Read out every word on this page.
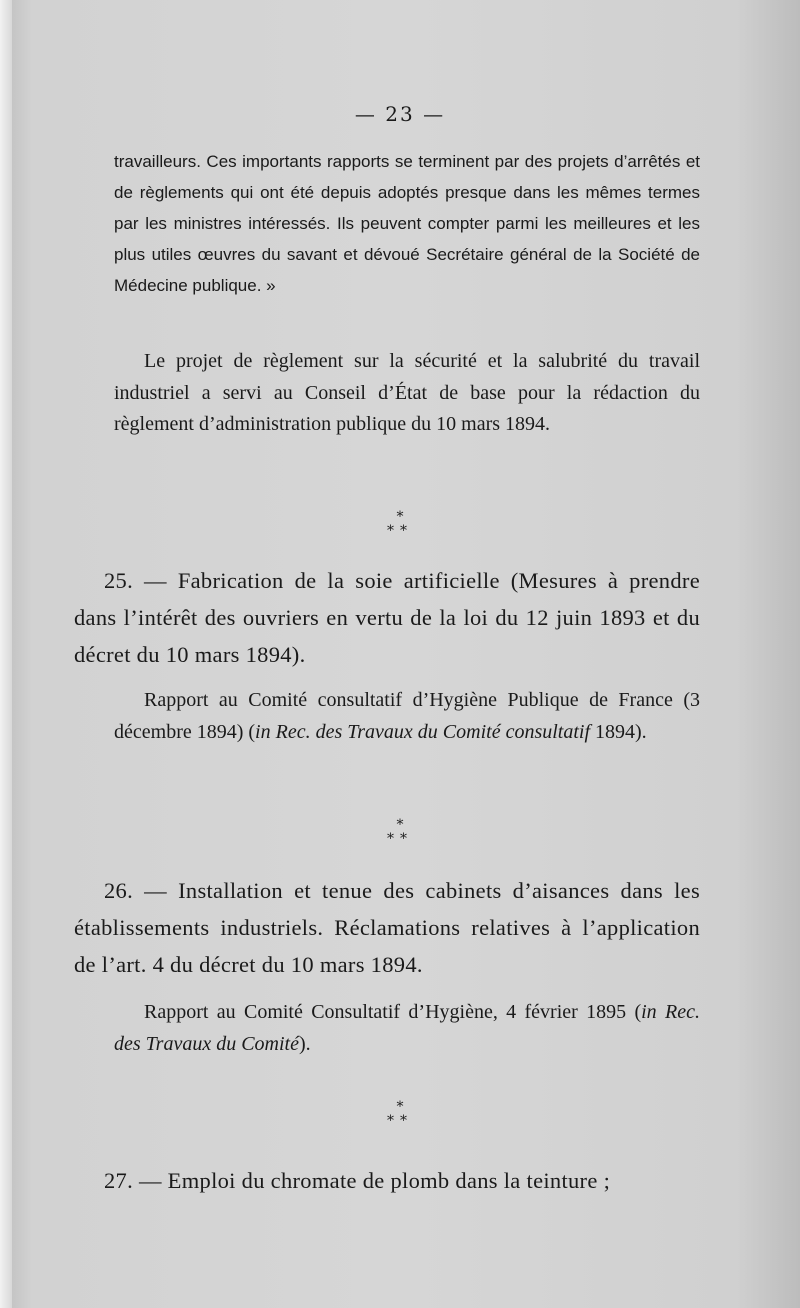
— 23 —

travailleurs. Ces importants rapports se terminent par des projets d’arrêtés et de règlements qui ont été depuis adoptés presque dans les mêmes termes par les ministres intéressés. Ils peuvent compter parmi les meilleures et les plus utiles œuvres du savant et dévoué Secrétaire général de la Société de Médecine publique. »

Le projet de règlement sur la sécurité et la salubrité du travail industriel a servi au Conseil d’État de base pour la rédaction du règlement d’administration publique du 10 mars 1894.

*
**

25. — Fabrication de la soie artificielle (Mesures à prendre dans l’intérêt des ouvriers en vertu de la loi du 12 juin 1893 et du décret du 10 mars 1894).

Rapport au Comité consultatif d’Hygiène Publique de France (3 décembre 1894) (in Rec. des Travaux du Comité consultatif 1894).

*
**

26. — Installation et tenue des cabinets d’aisances dans les établissements industriels. Réclamations relatives à l’application de l’art. 4 du décret du 10 mars 1894.

Rapport au Comité Consultatif d’Hygiène, 4 février 1895 (in Rec. des Travaux du Comité).

*
**

27. — Emploi du chromate de plomb dans la teinture ;
